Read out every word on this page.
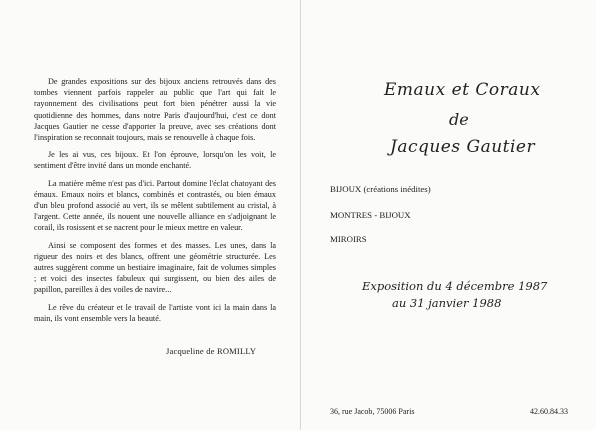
De grandes expositions sur des bijoux anciens retrouvés dans des tombes viennent parfois rappeler au public que l'art qui fait le rayonnement des civilisations peut fort bien pénétrer aussi la vie quotidienne des hommes, dans notre Paris d'aujourd'hui, c'est ce dont Jacques Gautier ne cesse d'apporter la preuve, avec ses créations dont l'inspiration se reconnait toujours, mais se renouvelle à chaque fois.

Je les ai vus, ces bijoux. Et l'on éprouve, lorsqu'on les voit, le sentiment d'être invité dans un monde enchanté.

La matière même n'est pas d'ici. Partout domine l'éclat chatoyant des émaux. Emaux noirs et blancs, combinés et contrastés, ou bien émaux d'un bleu profond associé au vert, ils se mêlent subtilement au cristal, à l'argent. Cette année, ils nouent une nouvelle alliance en s'adjoignant le corail, ils rosissent et se nacrent pour le mieux mettre en valeur.

Ainsi se composent des formes et des masses. Les unes, dans la rigueur des noirs et des blancs, offrent une géométrie structurée. Les autres suggèrent comme un bestiaire imaginaire, fait de volumes simples ; et voici des insectes fabuleux qui surgissent, ou bien des ailes de papillon, pareilles à des voiles de navire...

Le rêve du créateur et le travail de l'artiste vont ici la main dans la main, ils vont ensemble vers la beauté.

Jacqueline de ROMILLY
Emaux et Coraux
de
Jacques Gautier
BIJOUX (créations inédites)
MONTRES - BIJOUX
MIROIRS
Exposition du 4 décembre 1987
au 31 janvier 1988
36, rue Jacob, 75006 Paris	42.60.84.33
